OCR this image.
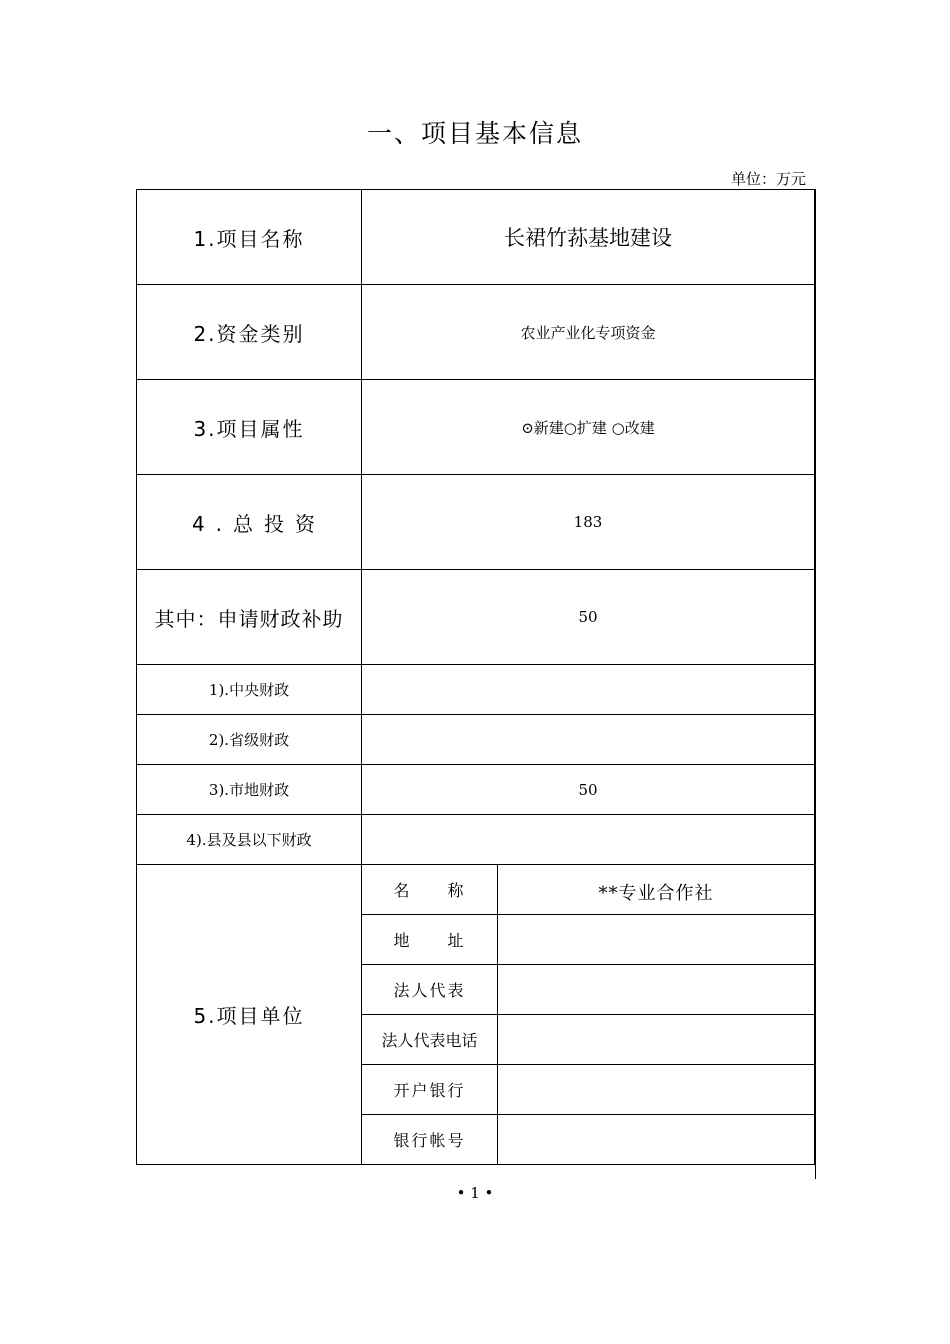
一、项目基本信息
单位：万元
1.项目名称	长裙竹荪基地建设	
2.资金类别	农业产业化专项资金	
3.项目属性	⊙新建○扩建 ○改建	
4.总投资	183	
其中：申请财政补助	50	
1).中央财政		
2).省级财政		
3).市地财政	50	
4).县及县以下财政		
5.项目单位	名　　称	**专业合作社
	地　　址	
	法人代表	
	法人代表电话	
	开户银行	
	银行帐号	
• 1 •
